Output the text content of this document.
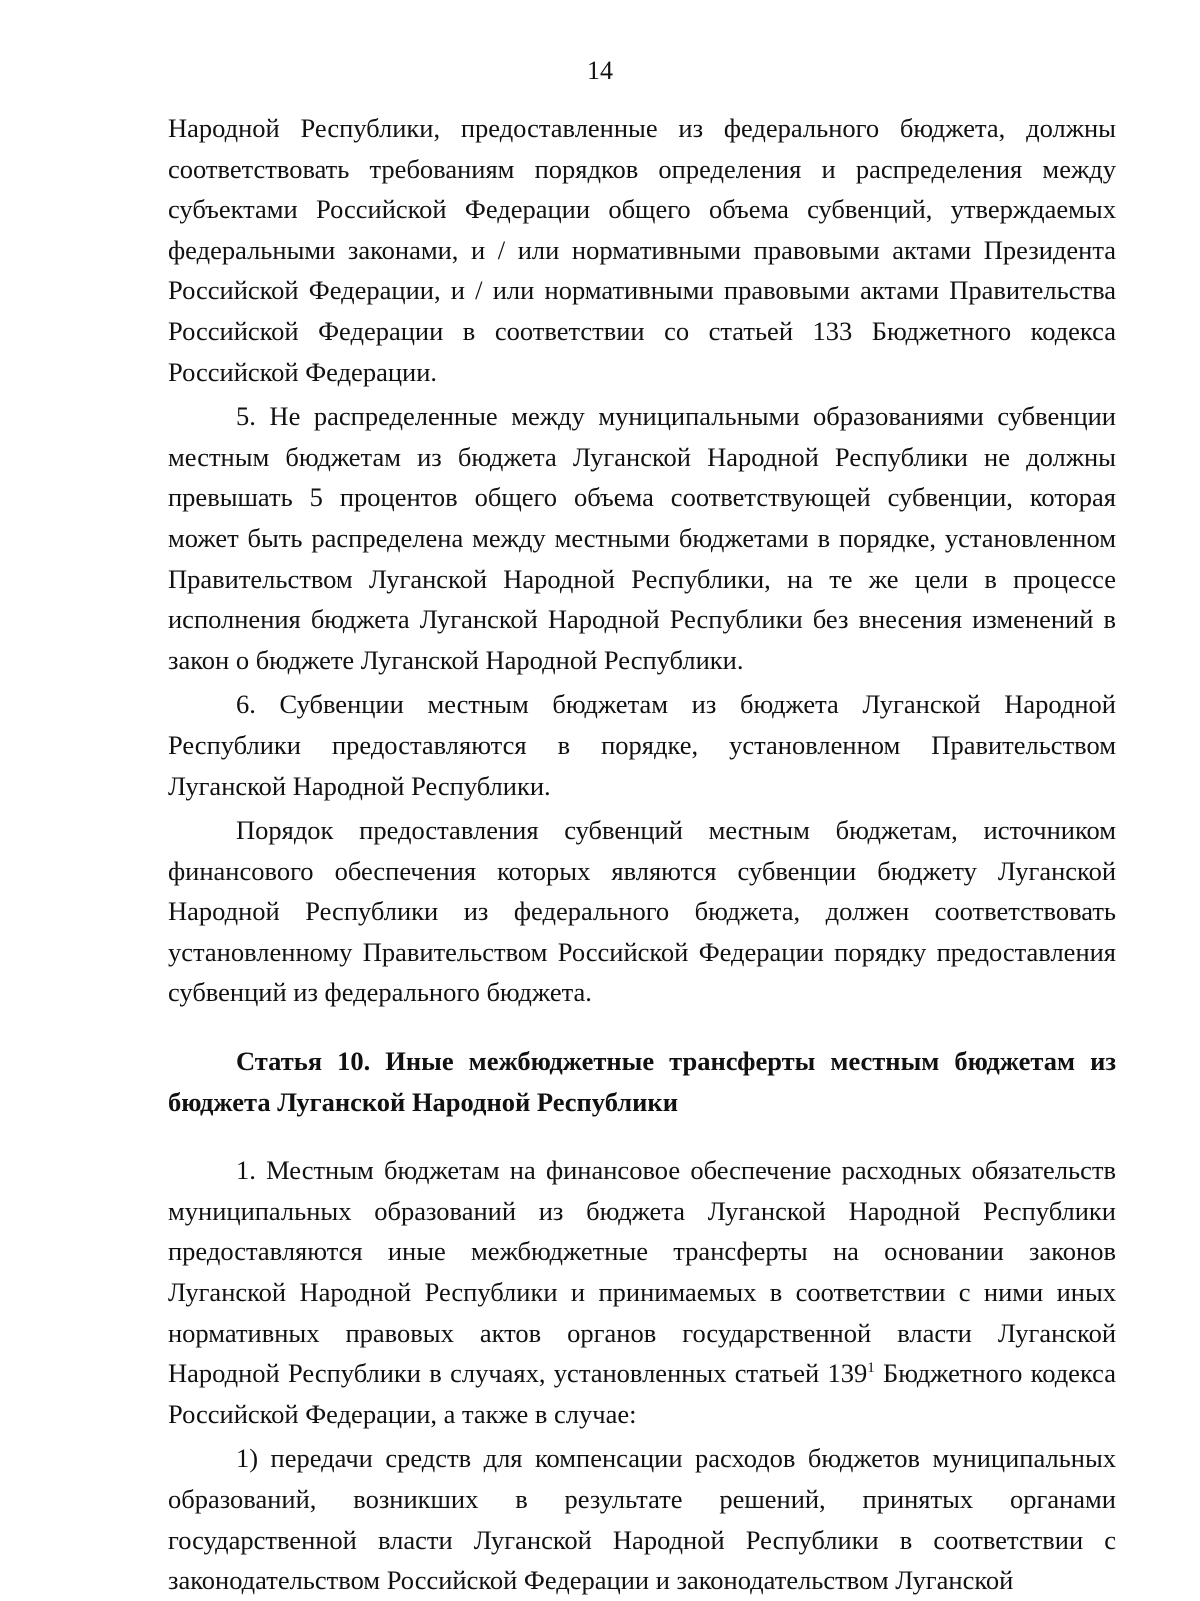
14

Народной Республики, предоставленные из федерального бюджета, должны соответствовать требованиям порядков определения и распределения между субъектами Российской Федерации общего объема субвенций, утверждаемых федеральными законами, и / или нормативными правовыми актами Президента Российской Федерации, и / или нормативными правовыми актами Правительства Российской Федерации в соответствии со статьей 133 Бюджетного кодекса Российской Федерации.

5. Не распределенные между муниципальными образованиями субвенции местным бюджетам из бюджета Луганской Народной Республики не должны превышать 5 процентов общего объема соответствующей субвенции, которая может быть распределена между местными бюджетами в порядке, установленном Правительством Луганской Народной Республики, на те же цели в процессе исполнения бюджета Луганской Народной Республики без внесения изменений в закон о бюджете Луганской Народной Республики.

6. Субвенции местным бюджетам из бюджета Луганской Народной Республики предоставляются в порядке, установленном Правительством Луганской Народной Республики.

Порядок предоставления субвенций местным бюджетам, источником финансового обеспечения которых являются субвенции бюджету Луганской Народной Республики из федерального бюджета, должен соответствовать установленному Правительством Российской Федерации порядку предоставления субвенций из федерального бюджета.

Статья 10. Иные межбюджетные трансферты местным бюджетам из бюджета Луганской Народной Республики

1. Местным бюджетам на финансовое обеспечение расходных обязательств муниципальных образований из бюджета Луганской Народной Республики предоставляются иные межбюджетные трансферты на основании законов Луганской Народной Республики и принимаемых в соответствии с ними иных нормативных правовых актов органов государственной власти Луганской Народной Республики в случаях, установленных статьей $139^1$ Бюджетного кодекса Российской Федерации, а также в случае:

1) передачи средств для компенсации расходов бюджетов муниципальных образований, возникших в результате решений, принятых органами государственной власти Луганской Народной Республики в соответствии с законодательством Российской Федерации и законодательством Луганской
